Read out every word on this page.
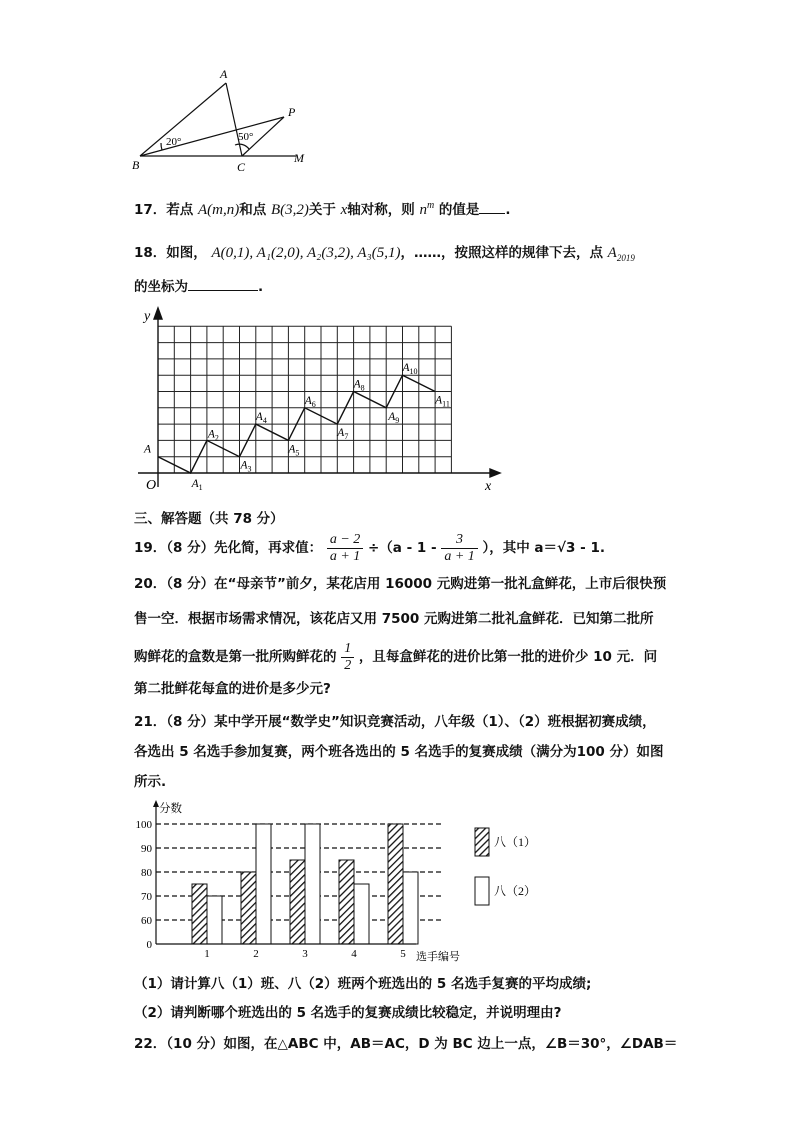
A
B	C
P
M
20°	50°
17．若点 A(m,n)和点 B(3,2)关于 x轴对称，则 $n^m$ 的值是 .
18．如图， A(0,1), A₁(2,0), A₂(3,2), A₃(5,1)，……，按照这样的规律下去，点 $A_{2019}$
的坐标为	.
y
x
O
A
$A_1$
$A_2$
$A_3$
$A_4$
$A_5$
$A_6$
$A_7$
$A_8$
$A_9$
$A_{10}$
$A_{11}$
三、解答题（共 78 分）
19．（8 分）先化简，再求值： $\frac{a - 2}{a + 1} \div(a - 1 - \frac{3}{a + 1}$ ），其中 a＝√3 - 1.
20．（8 分）在“母亲节”前夕，某花店用 16000 元购进第一批礼盒鲜花，上市后很快预
售一空．根据市场需求情况，该花店又用 7500 元购进第二批礼盒鲜花．已知第二批所
购鲜花的盒数是第一批所购鲜花的 $\frac{1}{2}$ ，且每盒鲜花的进价比第一批的进价少 10 元．问
第二批鲜花每盒的进价是多少元?
21．（8 分）某中学开展“数学史”知识竞赛活动，八年级（1）、（2）班根据初赛成绩，
各选出 5 名选手参加复赛，两个班各选出的 5 名选手的复赛成绩（满分为100 分）如图
所示.
0
60
70
80
90
100
1	2	3	4	5
分数
选手编号
八（1）
八（2）
（1）请计算八（1）班、八（2）班两个班选出的 5 名选手复赛的平均成绩;
（2）请判断哪个班选出的 5 名选手的复赛成绩比较稳定，并说明理由?
22．（10 分）如图，在△ABC 中，AB＝AC，D 为 BC 边上一点，∠B＝30°，∠DAB＝
